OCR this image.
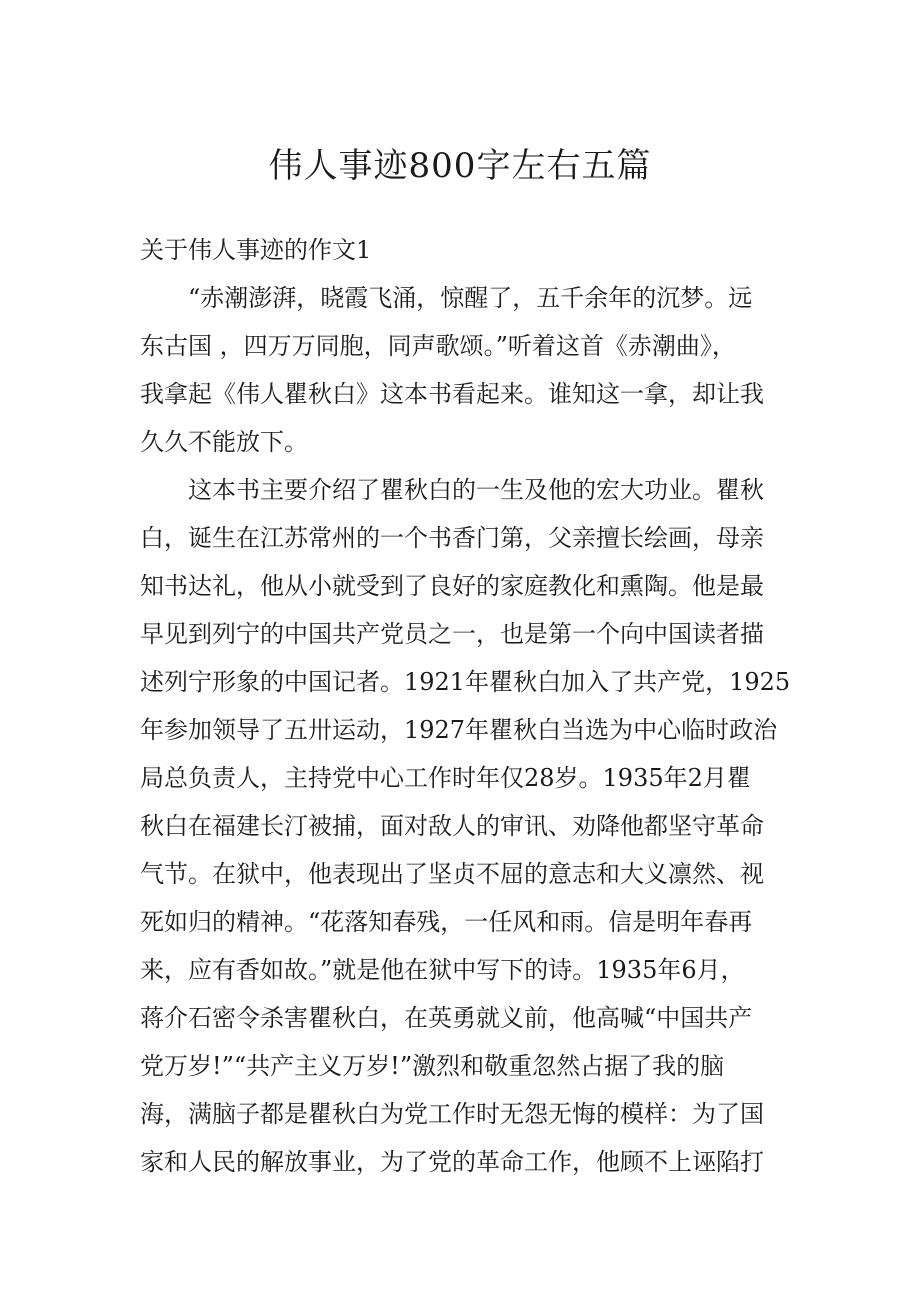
伟人事迹800字左右五篇
关于伟人事迹的作文1
“赤潮澎湃，晓霞飞涌，惊醒了，五千余年的沉梦。远
东古国 ，四万万同胞，同声歌颂。”听着这首《赤潮曲》，
我拿起《伟人瞿秋白》这本书看起来。谁知这一拿，却让我
久久不能放下。
这本书主要介绍了瞿秋白的一生及他的宏大功业。瞿秋
白，诞生在江苏常州的一个书香门第，父亲擅长绘画，母亲
知书达礼，他从小就受到了良好的家庭教化和熏陶。他是最
早见到列宁的中国共产党员之一，也是第一个向中国读者描
述列宁形象的中国记者。1921年瞿秋白加入了共产党，1925
年参加领导了五卅运动，1927年瞿秋白当选为中心临时政治
局总负责人，主持党中心工作时年仅28岁。1935年2月瞿
秋白在福建长汀被捕，面对敌人的审讯、劝降他都坚守革命
气节。在狱中，他表现出了坚贞不屈的意志和大义凛然、视
死如归的精神。“花落知春残，一任风和雨。信是明年春再
来，应有香如故。”就是他在狱中写下的诗。1935年6月，
蒋介石密令杀害瞿秋白，在英勇就义前，他高喊“中国共产
党万岁!”“共产主义万岁!”激烈和敬重忽然占据了我的脑
海，满脑子都是瞿秋白为党工作时无怨无悔的模样：为了国
家和人民的解放事业，为了党的革命工作，他顾不上诬陷打
